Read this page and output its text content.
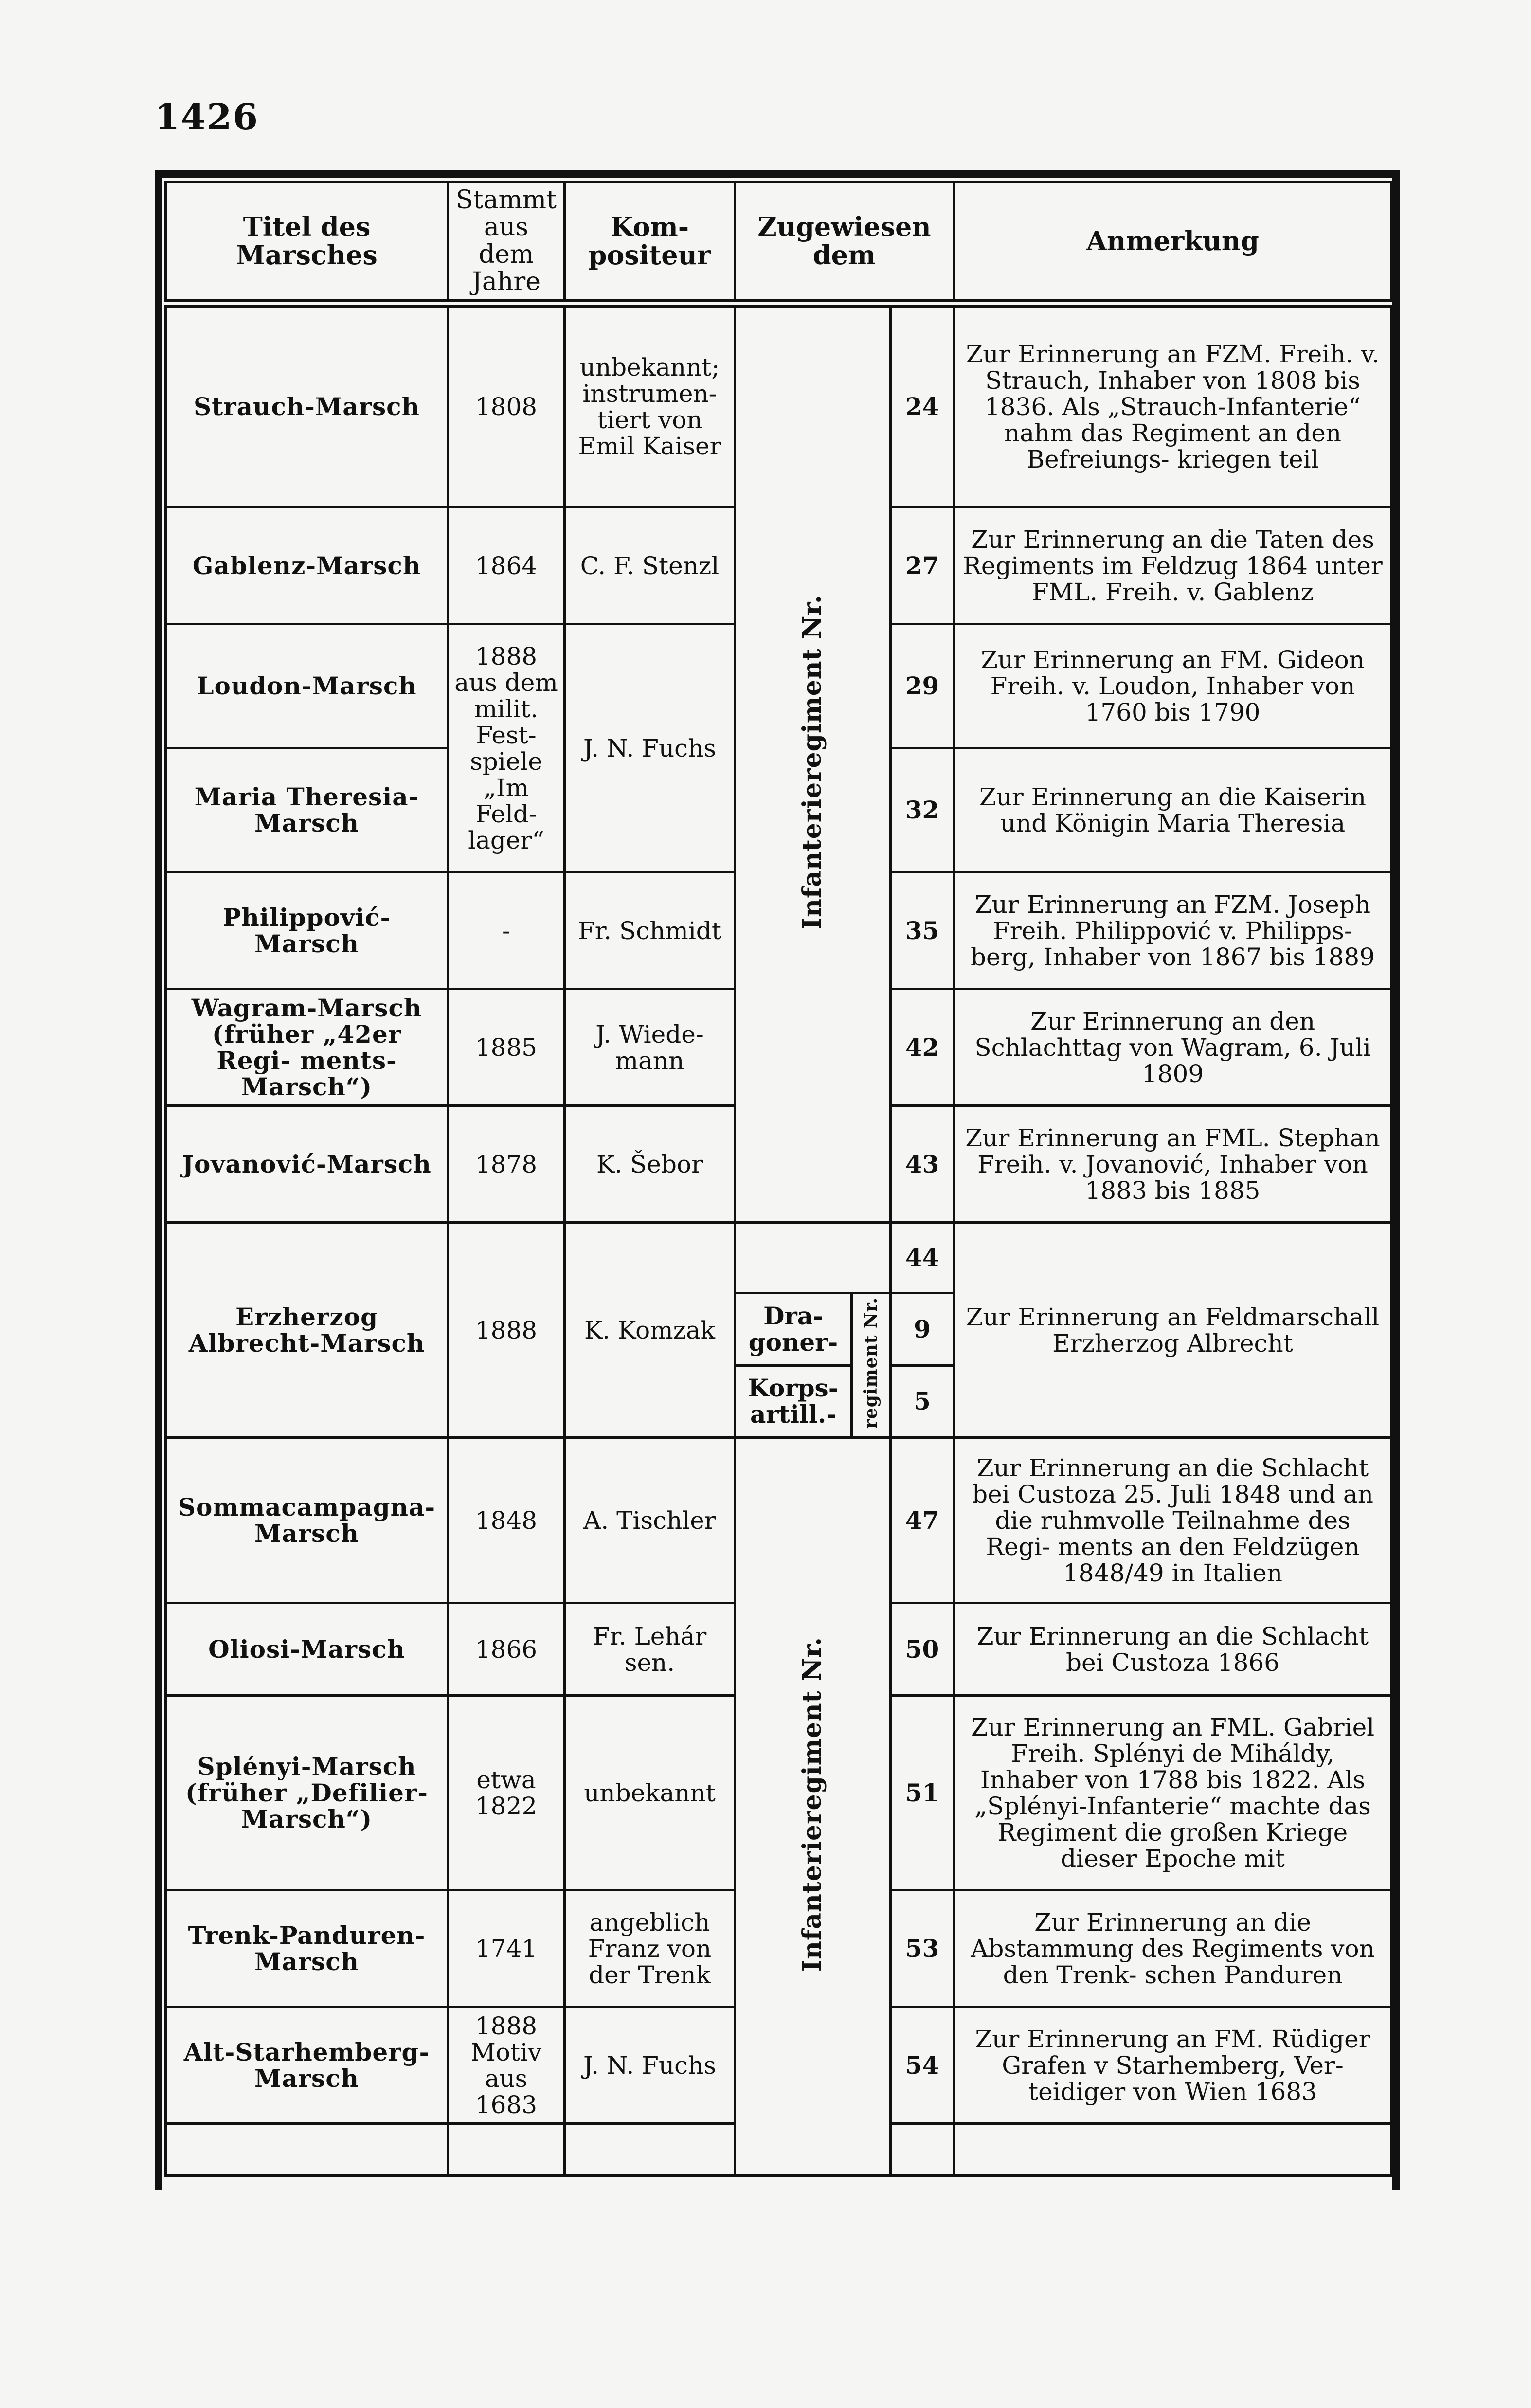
1426
Titel des Marsches	Stammt aus dem Jahre	Kom- positeur	Zugewiesen dem			Anmerkung
Strauch-Marsch	1808	unbekannt; instrumen- tiert von Emil Kaiser	Infanterieregiment Nr.		24	Zur Erinnerung an FZM. Freih. v. Strauch, Inhaber von 1808 bis 1836. Als „Strauch-Infanterie“ nahm das Regiment an den Befreiungs- kriegen teil
Gablenz-Marsch	1864	C. F. Stenzl			27	Zur Erinnerung an die Taten des Regiments im Feldzug 1864 unter FML. Freih. v. Gablenz
Loudon-Marsch	1888 aus dem milit. Fest- spiele „Im Feld- lager“	J. N. Fuchs			29	Zur Erinnerung an FM. Gideon Freih. v. Loudon, Inhaber von 1760 bis 1790
Maria Theresia-Marsch					32	Zur Erinnerung an die Kaiserin und Königin Maria Theresia
Philippović-Marsch	-	Fr. Schmidt			35	Zur Erinnerung an FZM. Joseph Freih. Philippović v. Philipps- berg, Inhaber von 1867 bis 1889
Wagram-Marsch (früher „42er Regi- ments-Marsch“)	1885	J. Wiede- mann			42	Zur Erinnerung an den Schlachttag von Wagram, 6. Juli 1809
Jovanović-Marsch	1878	K. Šebor			43	Zur Erinnerung an FML. Stephan Freih. v. Jovanović, Inhaber von 1883 bis 1885
Erzherzog Albrecht-Marsch	1888	K. Komzak			44	Zur Erinnerung an Feldmarschall Erzherzog Albrecht
			Dra- goner-	regiment Nr.	9	
			Korps- artill.-		5	
Sommacampagna-Marsch	1848	A. Tischler	Infanterieregiment Nr.		47	Zur Erinnerung an die Schlacht bei Custoza 25. Juli 1848 und an die ruhmvolle Teilnahme des Regi- ments an den Feldzügen 1848/49 in Italien
Oliosi-Marsch	1866	Fr. Lehár sen.			50	Zur Erinnerung an die Schlacht bei Custoza 1866
Splényi-Marsch (früher „Defilier-Marsch“)	etwa 1822	unbekannt			51	Zur Erinnerung an FML. Gabriel Freih. Splényi de Miháldy, Inhaber von 1788 bis 1822. Als „Splényi-Infanterie“ machte das Regiment die großen Kriege dieser Epoche mit
Trenk-Panduren-Marsch	1741	angeblich Franz von der Trenk			53	Zur Erinnerung an die Abstammung des Regiments von den Trenk- schen Panduren
Alt-Starhemberg-Marsch	1888 Motiv aus 1683	J. N. Fuchs			54	Zur Erinnerung an FM. Rüdiger Grafen v Starhemberg, Ver- teidiger von Wien 1683
